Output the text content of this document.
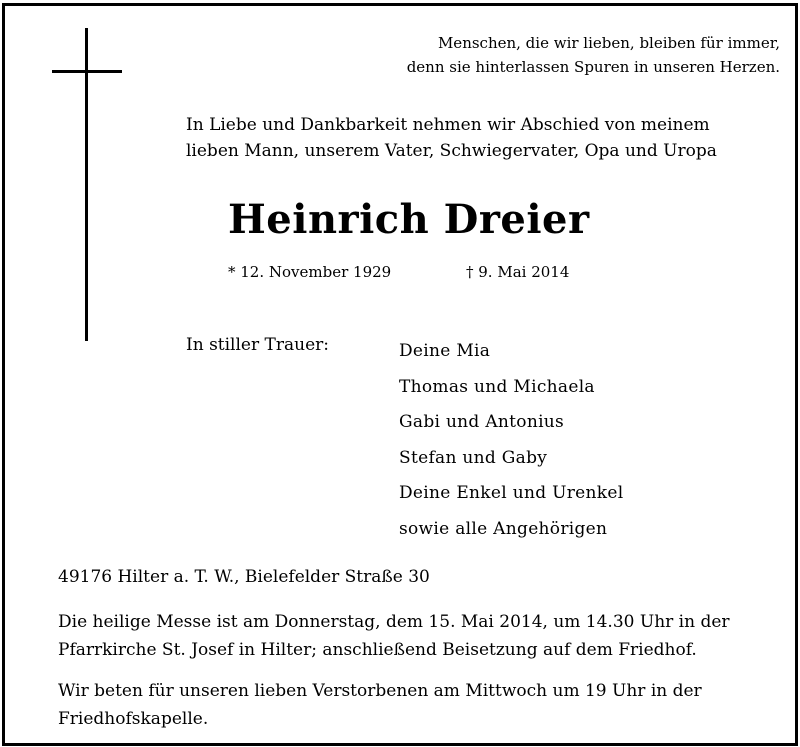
Menschen, die wir lieben, bleiben für immer,
denn sie hinterlassen Spuren in unseren Herzen.
In Liebe und Dankbarkeit nehmen wir Abschied von meinem
lieben Mann, unserem Vater, Schwiegervater, Opa und Uropa
Heinrich Dreier
* 12. November 1929	† 9. Mai 2014
In stiller Trauer:	Deine Mia
Thomas und Michaela
Gabi und Antonius
Stefan und Gaby
Deine Enkel und Urenkel
sowie alle Angehörigen
49176 Hilter a. T. W., Bielefelder Straße 30
Die heilige Messe ist am Donnerstag, dem 15. Mai 2014, um 14.30 Uhr in der
Pfarrkirche St. Josef in Hilter; anschließend Beisetzung auf dem Friedhof.
Wir beten für unseren lieben Verstorbenen am Mittwoch um 19 Uhr in der
Friedhofskapelle.
